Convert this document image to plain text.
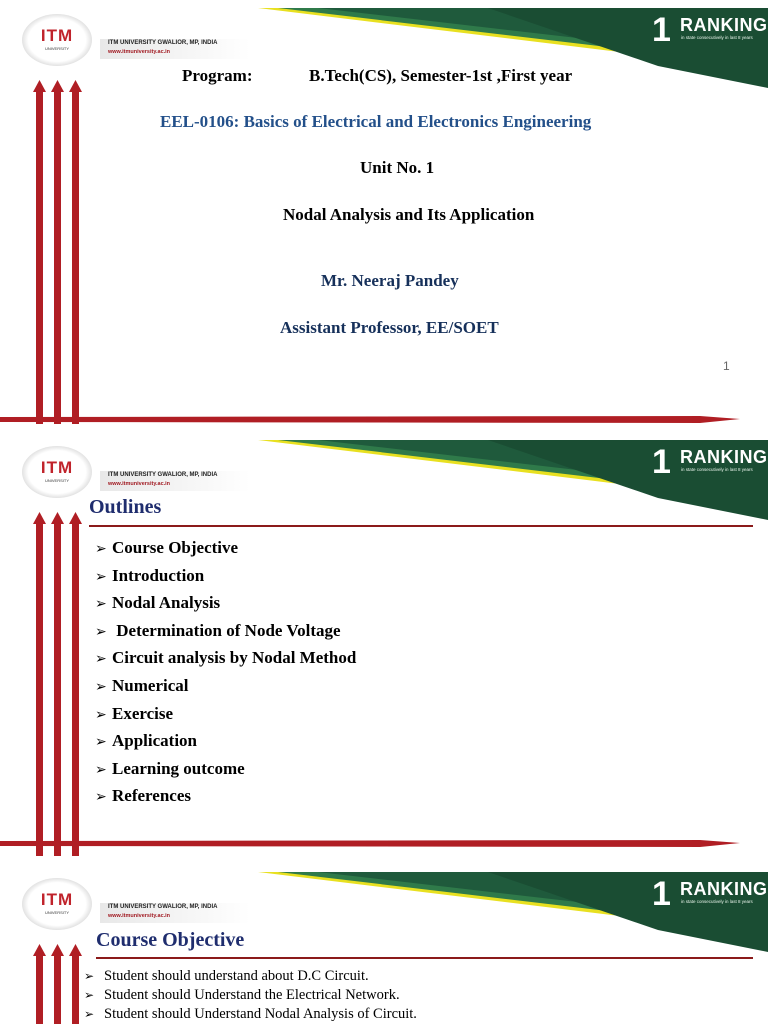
1 RANKING
in state consecutively in last 8 years
ITM
UNIVERSITY
ITM UNIVERSITY GWALIOR, MP, INDIA
www.itmuniversity.ac.in
Program:	B.Tech(CS), Semester-1st ,First year
EEL-0106: Basics of Electrical and Electronics Engineering
Unit No. 1
Nodal Analysis and Its Application
Mr. Neeraj Pandey
Assistant Professor, EE/SOET
1
1 RANKING
in state consecutively in last 8 years
ITM
UNIVERSITY
ITM UNIVERSITY GWALIOR, MP, INDIA
www.itmuniversity.ac.in
Outlines
➢ Course Objective
➢ Introduction
➢ Nodal Analysis
➢ Determination of Node Voltage
➢ Circuit analysis by Nodal Method
➢ Numerical
➢ Exercise
➢ Application
➢ Learning outcome
➢ References
1 RANKING
in state consecutively in last 8 years
ITM
UNIVERSITY
ITM UNIVERSITY GWALIOR, MP, INDIA
www.itmuniversity.ac.in
Course Objective
➢ Student should understand about D.C Circuit.
➢ Student should Understand the Electrical Network.
➢ Student should Understand Nodal Analysis of Circuit.
